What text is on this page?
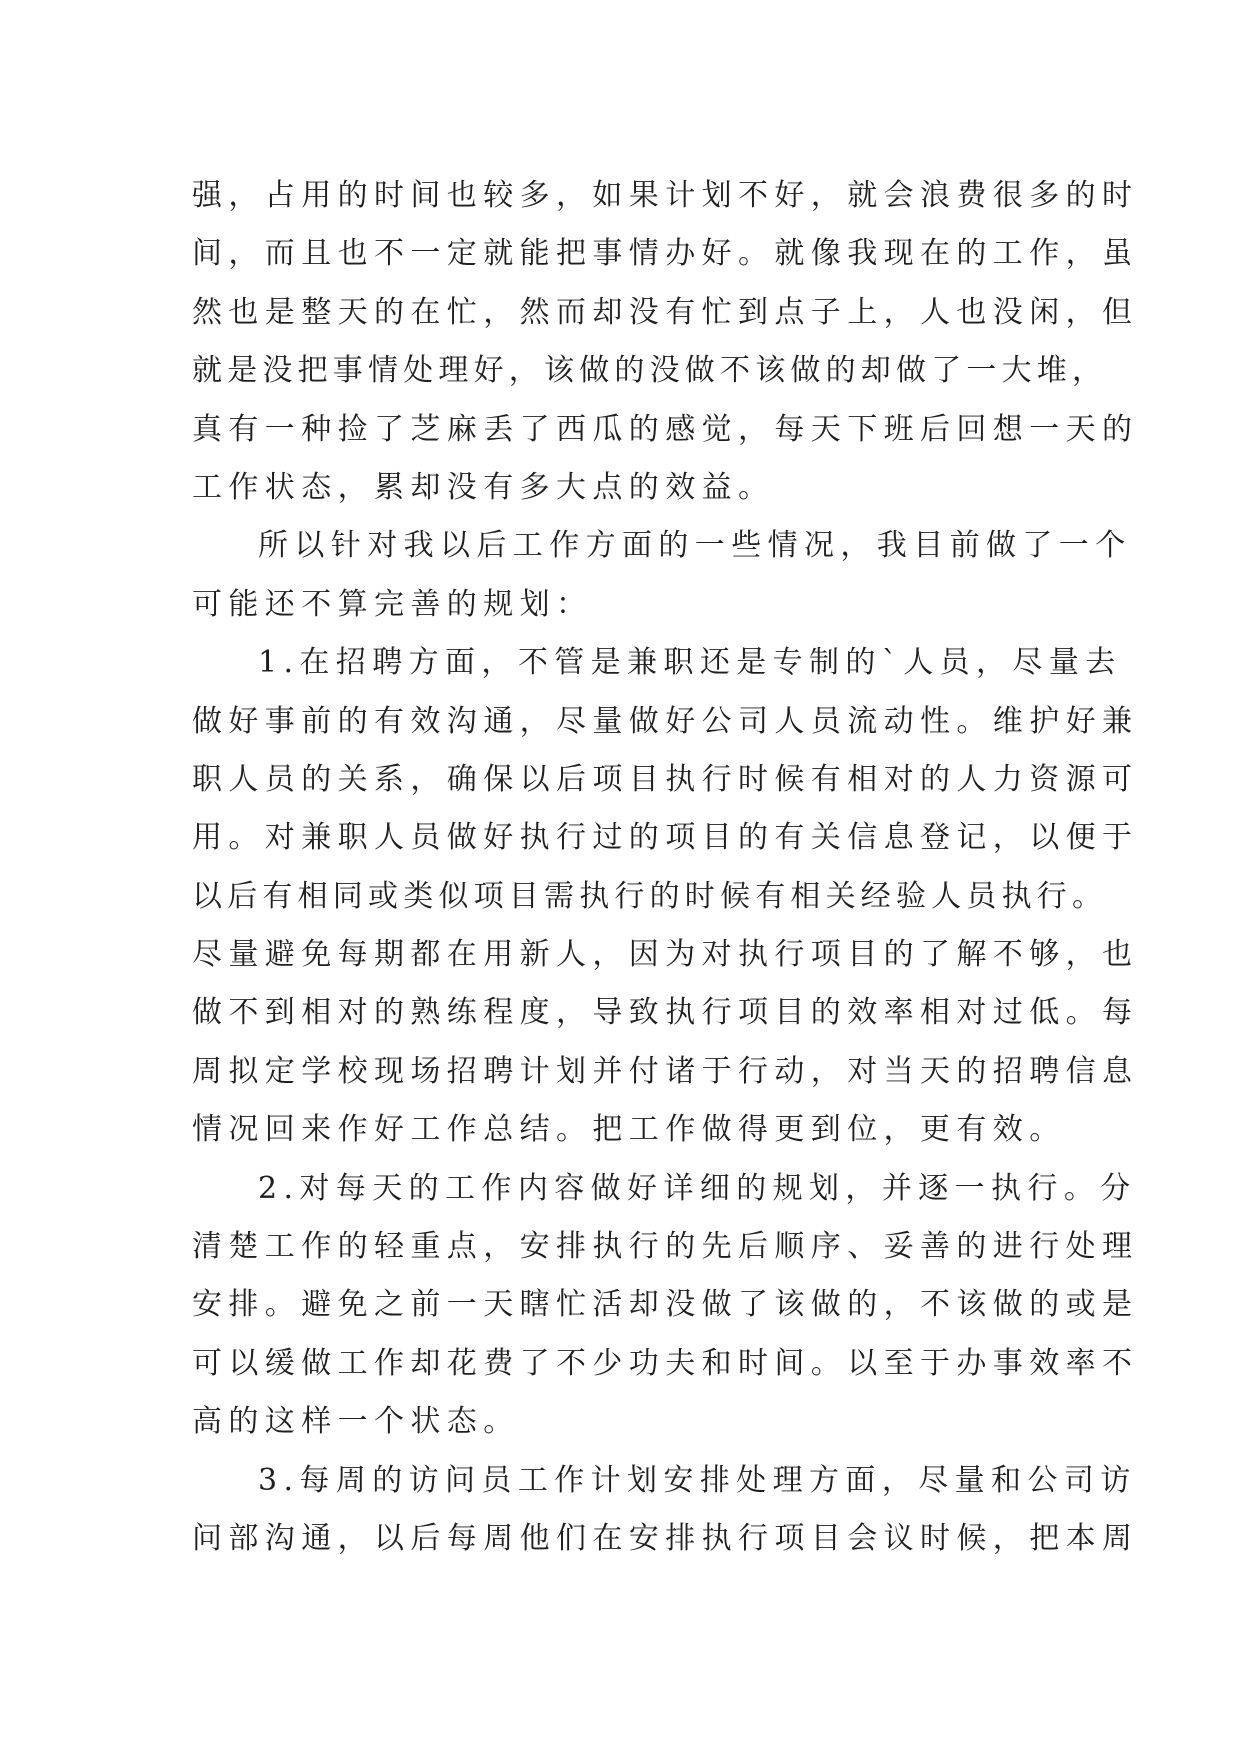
强，占用的时间也较多，如果计划不好，就会浪费很多的时
间，而且也不一定就能把事情办好。就像我现在的工作，虽
然也是整天的在忙，然而却没有忙到点子上，人也没闲，但
就是没把事情处理好，该做的没做不该做的却做了一大堆，
真有一种捡了芝麻丢了西瓜的感觉，每天下班后回想一天的
工作状态，累却没有多大点的效益。
所以针对我以后工作方面的一些情况，我目前做了一个
可能还不算完善的规划：
1.在招聘方面，不管是兼职还是专制的`人员，尽量去
做好事前的有效沟通，尽量做好公司人员流动性。维护好兼
职人员的关系，确保以后项目执行时候有相对的人力资源可
用。对兼职人员做好执行过的项目的有关信息登记，以便于
以后有相同或类似项目需执行的时候有相关经验人员执行。
尽量避免每期都在用新人，因为对执行项目的了解不够，也
做不到相对的熟练程度，导致执行项目的效率相对过低。每
周拟定学校现场招聘计划并付诸于行动，对当天的招聘信息
情况回来作好工作总结。把工作做得更到位，更有效。
2.对每天的工作内容做好详细的规划，并逐一执行。分
清楚工作的轻重点，安排执行的先后顺序、妥善的进行处理
安排。避免之前一天瞎忙活却没做了该做的，不该做的或是
可以缓做工作却花费了不少功夫和时间。以至于办事效率不
高的这样一个状态。
3.每周的访问员工作计划安排处理方面，尽量和公司访
问部沟通，以后每周他们在安排执行项目会议时候，把本周
